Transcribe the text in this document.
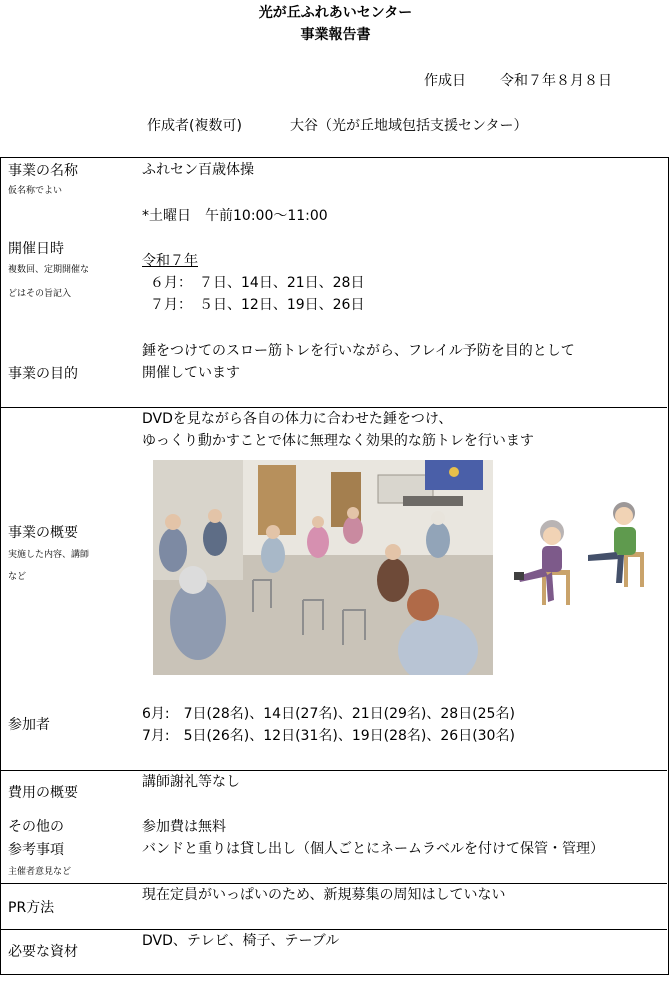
光が丘ふれあいセンター
事業報告書
作成日 令和７年８月８日
作成者(複数可)	大谷（光が丘地域包括支援センター）
事業の名称
仮名称でよい
ふれセン百歳体操
*土曜日　午前10:00～11:00
開催日時
複数回、定期開催な
どはその旨記入
令和７年
６月：　７日、14日、21日、28日
７月：　５日、12日、19日、26日
錘をつけてのスロー筋トレを行いながら、フレイル予防を目的として
開催しています
事業の目的
DVDを見ながら各自の体力に合わせた錘をつけ、
ゆっくり動かすことで体に無理なく効果的な筋トレを行います
事業の概要
実施した内容、講師
など
6月:　7日(28名)、14日(27名)、21日(29名)、28日(25名)
7月:　5日(26名)、12日(31名)、19日(28名)、26日(30名)
参加者
講師謝礼等なし
費用の概要
参加費は無料
その他の
バンドと重りは貸し出し（個人ごとにネームラベルを付けて保管・管理）
参考事項
主催者意見など
現在定員がいっぱいのため、新規募集の周知はしていない
PR方法
DVD、テレビ、椅子、テーブル
必要な資材
